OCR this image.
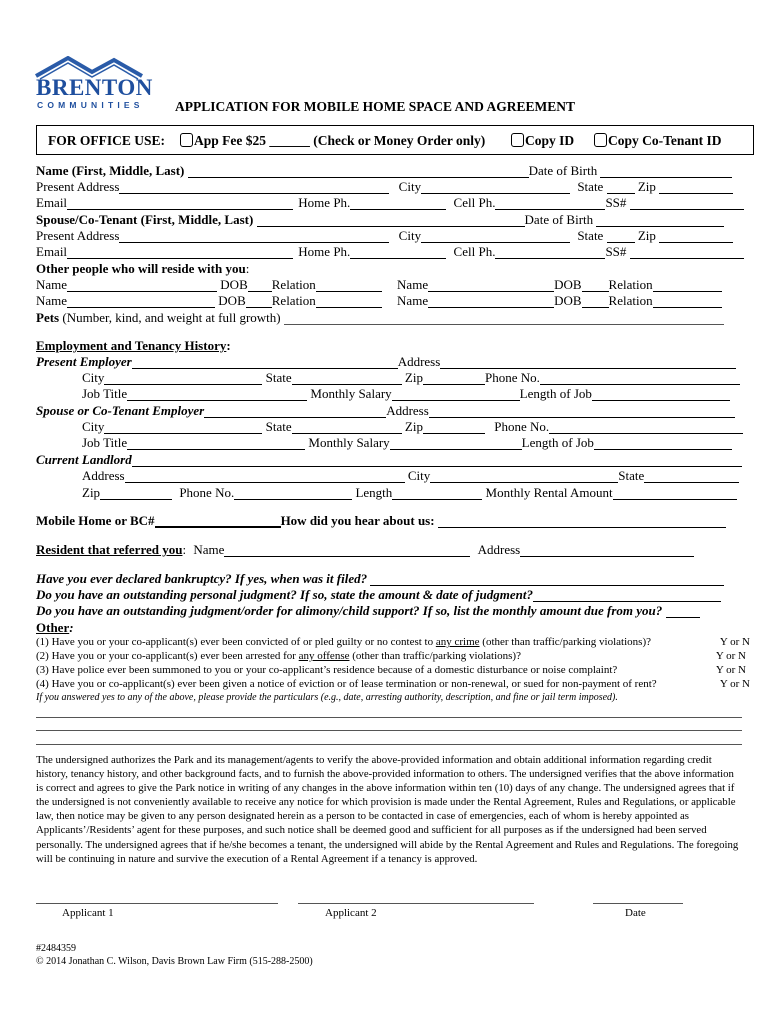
BRENTON
COMMUNITIES APPLICATION FOR MOBILE HOME SPACE AND AGREEMENT
FOR OFFICE USE:	App Fee $25 ______ (Check or Money Order only)	Copy ID	Copy Co-Tenant ID
Name (First, Middle, Last)	Date of Birth
Present Address	City	State	Zip
Email	Home Ph.	Cell Ph.	SS#
Spouse/Co-Tenant (First, Middle, Last)	Date of Birth
Present Address	City	State	Zip
Email	Home Ph.	Cell Ph.	SS#
Other people who will reside with you:
Name	DOB Relation	Name	DOB Relation
Name	DOB Relation	Name	DOB Relation
Pets (Number, kind, and weight at full growth)
Employment and Tenancy History:
Present Employer	Address
City	State	Zip	Phone No.
Job Title	Monthly Salary	Length of Job
Spouse or Co-Tenant Employer	Address
City	State	Zip	Phone No.
Job Title	Monthly Salary	Length of Job
Current Landlord
Address	City	State
Zip	Phone No.	Length	Monthly Rental Amount
Mobile Home or BC#	How did you hear about us:
Resident that referred you: Name	Address
Have you ever declared bankruptcy? If yes, when was it filed?
Do you have an outstanding personal judgment? If so, state the amount & date of judgment?
Do you have an outstanding judgment/order for alimony/child support? If so, list the monthly amount due from you?
Other:
(1) Have you or your co-applicant(s) ever been convicted of or pled guilty or no contest to any crime (other than traffic/parking violations)?	Y or N
(2) Have you or your co-applicant(s) ever been arrested for any offense (other than traffic/parking violations)?	Y or N
(3) Have police ever been summoned to you or your co-applicant’s residence because of a domestic disturbance or noise complaint?	Y or N
(4) Have you or co-applicant(s) ever been given a notice of eviction or of lease termination or non-renewal, or sued for non-payment of rent?	Y or N
If you answered yes to any of the above, please provide the particulars (e.g., date, arresting authority, description, and fine or jail term imposed).
The undersigned authorizes the Park and its management/agents to verify the above-provided information and obtain additional information regarding credit history, tenancy history, and other background facts, and to furnish the above-provided information to others. The undersigned verifies that the above information is correct and agrees to give the Park notice in writing of any changes in the above information within ten (10) days of any change. The undersigned agrees that if the undersigned is not conveniently available to receive any notice for which provision is made under the Rental Agreement, Rules and Regulations, or applicable law, then notice may be given to any person designated herein as a person to be contacted in case of emergencies, each of whom is hereby appointed as Applicants’/Residents’ agent for these purposes, and such notice shall be deemed good and sufficient for all purposes as if the undersigned had been served personally. The undersigned agrees that if he/she becomes a tenant, the undersigned will abide by the Rental Agreement and Rules and Regulations. The foregoing will be continuing in nature and survive the execution of a Rental Agreement if a tenancy is approved.
Applicant 1	Applicant 2	Date
#2484359
© 2014 Jonathan C. Wilson, Davis Brown Law Firm (515-288-2500)
